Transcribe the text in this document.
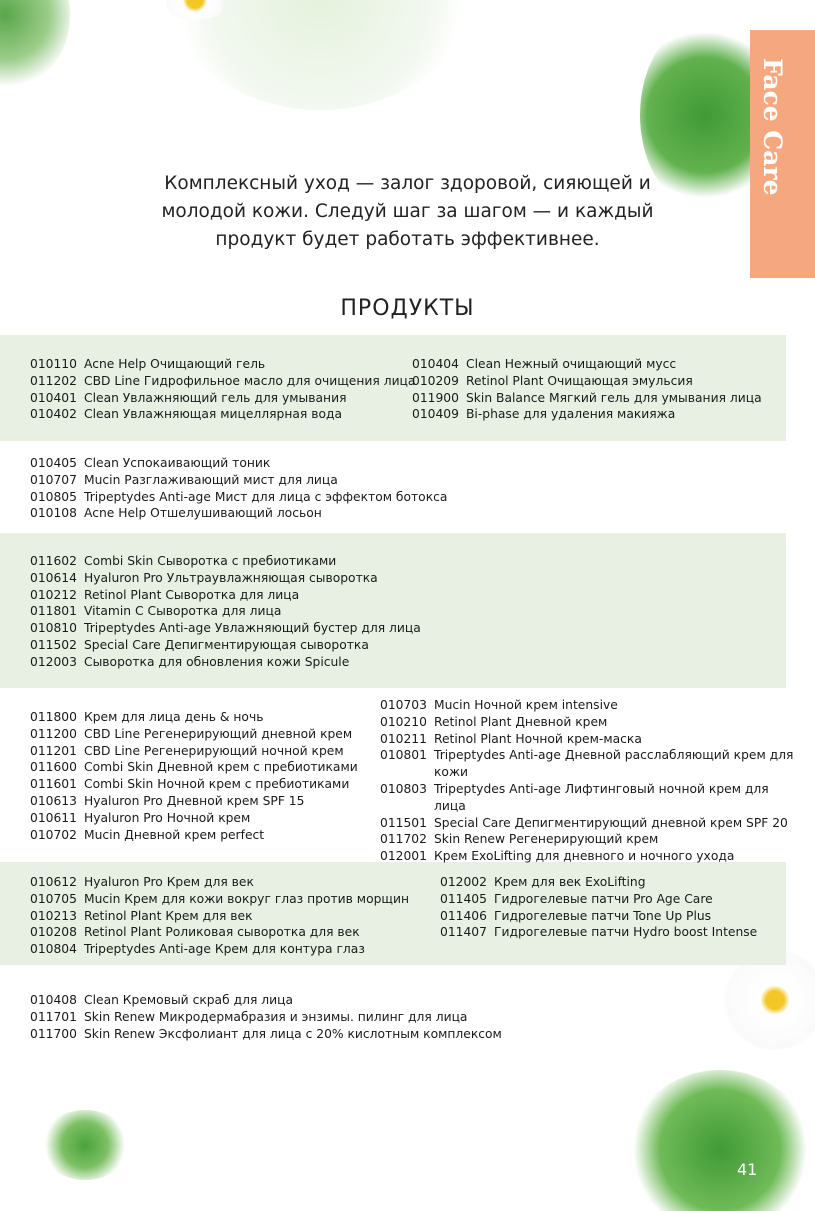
Face Care
Комплексный уход — залог здоровой, сияющей и молодой кожи. Следуй шаг за шагом — и каждый продукт будет работать эффективнее.
ПРОДУКТЫ
010110 Acne Help Очищающий гель
011202 CBD Line Гидрофильное масло для очищения лица
010401 Clean Увлажняющий гель для умывания
010402 Clean Увлажняющая мицеллярная вода
010404 Clean Нежный очищающий мусс
010209 Retinol Plant Очищающая эмульсия
011900 Skin Balance Мягкий гель для умывания лица
010409 Bi-phase для удаления макияжа
010405 Clean Успокаивающий тоник
010707 Mucin Разглаживающий мист для лица
010805 Tripeptydes Anti-age Мист для лица с эффектом ботокса
010108 Acne Help Отшелушивающий лосьон
011602 Combi Skin Сыворотка с пребиотиками
010614 Hyaluron Pro Ультраувлажняющая сыворотка
010212 Retinol Plant Сыворотка для лица
011801 Vitamin C Сыворотка для лица
010810 Tripeptydes Anti-age Увлажняющий бустер для лица
011502 Special Care Депигментирующая сыворотка
012003 Сыворотка для обновления кожи Spicule
011800 Крем для лица день & ночь
011200 CBD Line Регенерирующий дневной крем
011201 CBD Line Регенерирующий ночной крем
011600 Combi Skin Дневной крем с пребиотиками
011601 Combi Skin Ночной крем с пребиотиками
010613 Hyaluron Pro Дневной крем SPF 15
010611 Hyaluron Pro Ночной крем
010702 Mucin Дневной крем perfect
010703 Mucin Ночной крем intensive
010210 Retinol Plant Дневной крем
010211 Retinol Plant Ночной крем-маска
010801 Tripeptydes Anti-age Дневной расслабляющий крем для кожи
010803 Tripeptydes Anti-age Лифтинговый ночной крем для лица
011501 Special Care Депигментирующий дневной крем SPF 20
011702 Skin Renew Регенерирующий крем
012001 Крем ExoLifting для дневного и ночного ухода
010612 Hyaluron Pro Крем для век
010705 Mucin Крем для кожи вокруг глаз против морщин
010213 Retinol Plant Крем для век
010208 Retinol Plant Роликовая сыворотка для век
010804 Tripeptydes Anti-age Крем для контура глаз
012002 Крем для век ExoLifting
011405 Гидрогелевые патчи Pro Age Care
011406 Гидрогелевые патчи Tone Up Plus
011407 Гидрогелевые патчи Hydro boost Intense
010408 Clean Кремовый скраб для лица
011701 Skin Renew Микродермабразия и энзимы. пилинг для лица
011700 Skin Renew Эксфолиант для лица с 20% кислотным комплексом
41
